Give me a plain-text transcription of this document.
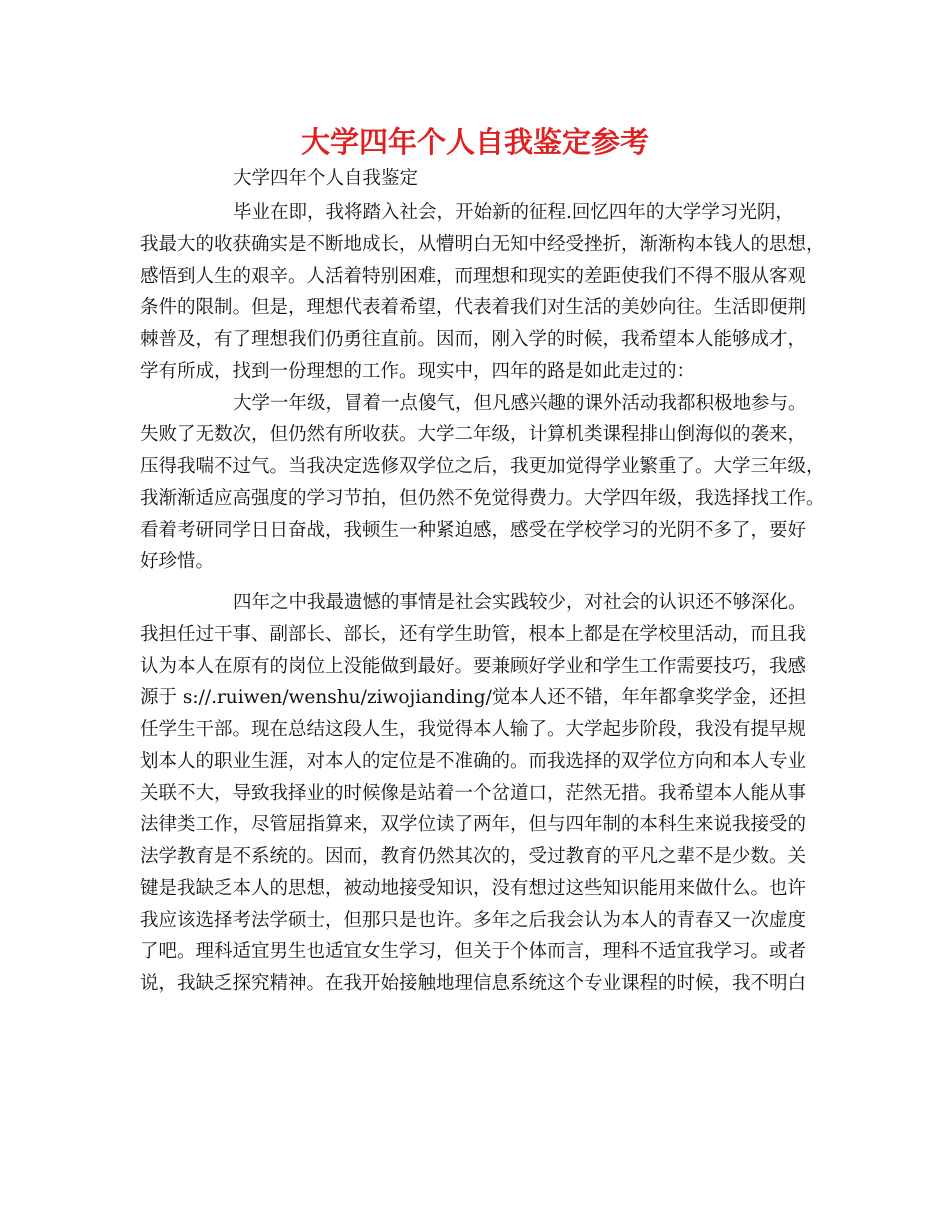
大学四年个人自我鉴定参考

大学四年个人自我鉴定

毕业在即，我将踏入社会，开始新的征程.回忆四年的大学学习光阴，
我最大的收获确实是不断地成长，从懵明白无知中经受挫折，渐渐构本钱人的思想，
感悟到人生的艰辛。人活着特别困难，而理想和现实的差距使我们不得不服从客观
条件的限制。但是，理想代表着希望，代表着我们对生活的美妙向往。生活即便荆
棘普及，有了理想我们仍勇往直前。因而，刚入学的时候，我希望本人能够成才，
学有所成，找到一份理想的工作。现实中，四年的路是如此走过的：
大学一年级，冒着一点傻气，但凡感兴趣的课外活动我都积极地参与。
失败了无数次，但仍然有所收获。大学二年级，计算机类课程排山倒海似的袭来，
压得我喘不过气。当我决定选修双学位之后，我更加觉得学业繁重了。大学三年级，
我渐渐适应高强度的学习节拍，但仍然不免觉得费力。大学四年级，我选择找工作。
看着考研同学日日奋战，我顿生一种紧迫感，感受在学校学习的光阴不多了，要好
好珍惜。
四年之中我最遗憾的事情是社会实践较少，对社会的认识还不够深化。
我担任过干事、副部长、部长，还有学生助管，根本上都是在学校里活动，而且我
认为本人在原有的岗位上没能做到最好。要兼顾好学业和学生工作需要技巧，我感
源于 s://.ruiwen/wenshu/ziwojianding/觉本人还不错，年年都拿奖学金，还担
任学生干部。现在总结这段人生，我觉得本人输了。大学起步阶段，我没有提早规
划本人的职业生涯，对本人的定位是不准确的。而我选择的双学位方向和本人专业
关联不大，导致我择业的时候像是站着一个岔道口，茫然无措。我希望本人能从事
法律类工作，尽管屈指算来，双学位读了两年，但与四年制的本科生来说我接受的
法学教育是不系统的。因而，教育仍然其次的，受过教育的平凡之辈不是少数。关
键是我缺乏本人的思想，被动地接受知识，没有想过这些知识能用来做什么。也许
我应该选择考法学硕士，但那只是也许。多年之后我会认为本人的青春又一次虚度
了吧。理科适宜男生也适宜女生学习，但关于个体而言，理科不适宜我学习。或者
说，我缺乏探究精神。在我开始接触地理信息系统这个专业课程的时候，我不明白
